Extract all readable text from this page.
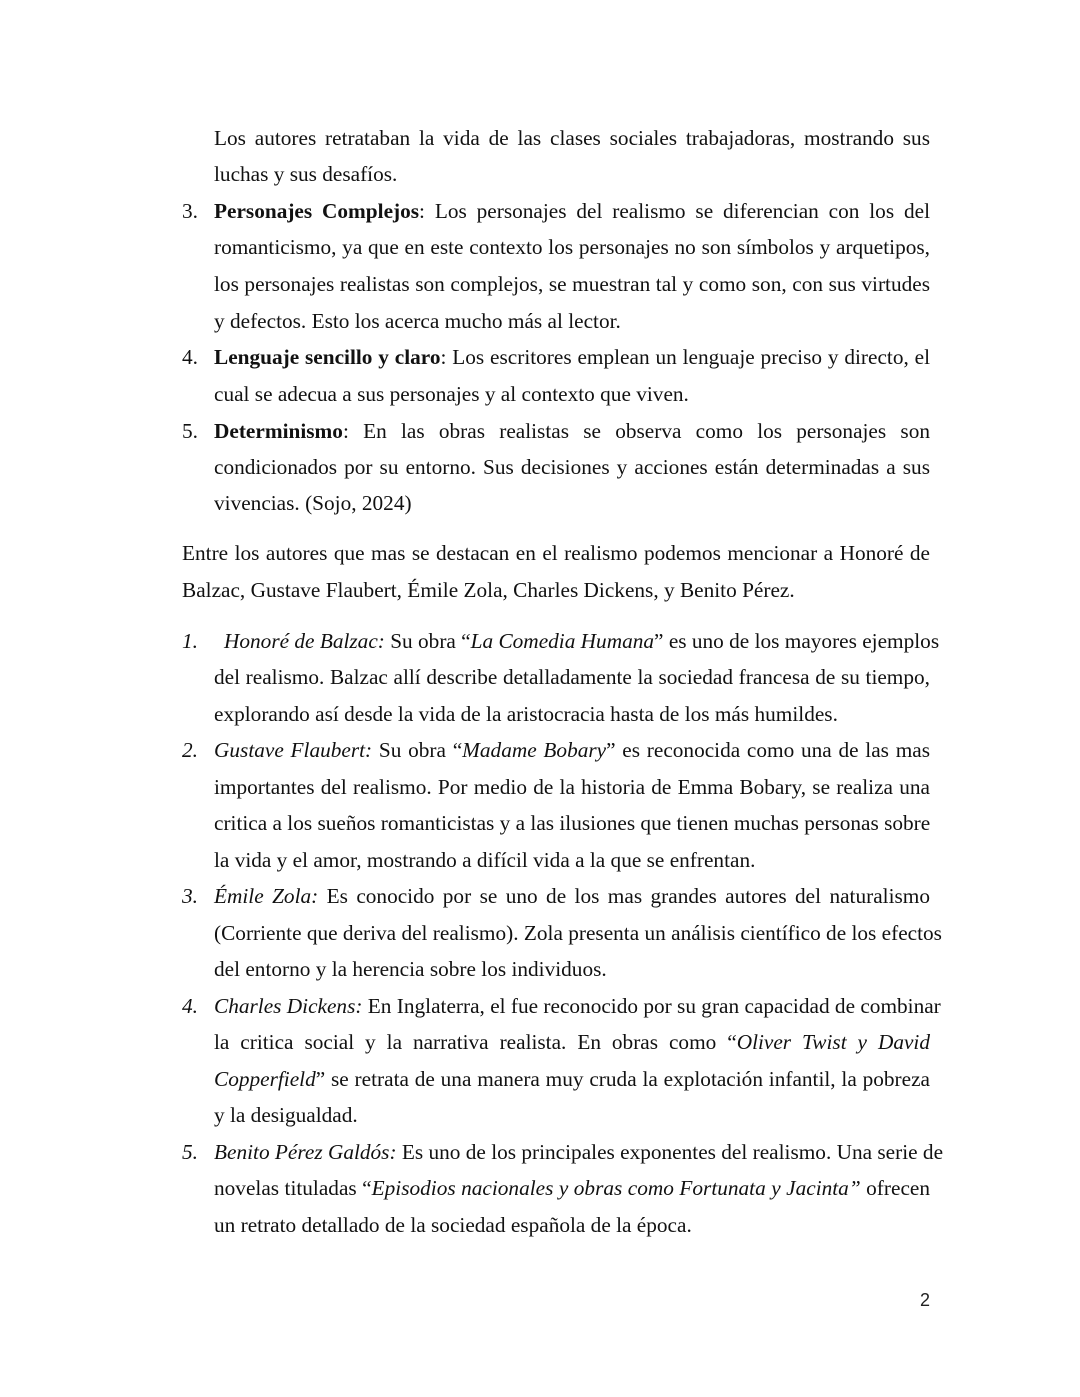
Los autores retrataban la vida de las clases sociales trabajadoras, mostrando sus
luchas y sus desafíos.
3. Personajes Complejos: Los personajes del realismo se diferencian con los del
romanticismo, ya que en este contexto los personajes no son símbolos y arquetipos,
los personajes realistas son complejos, se muestran tal y como son, con sus virtudes
y defectos. Esto los acerca mucho más al lector.
4. Lenguaje sencillo y claro: Los escritores emplean un lenguaje preciso y directo, el
cual se adecua a sus personajes y al contexto que viven.
5. Determinismo: En las obras realistas se observa como los personajes son
condicionados por su entorno. Sus decisiones y acciones están determinadas a sus
vivencias. (Sojo, 2024)
Entre los autores que mas se destacan en el realismo podemos mencionar a Honoré de
Balzac, Gustave Flaubert, Émile Zola, Charles Dickens, y Benito Pérez.
1.	Honoré de Balzac: Su obra “La Comedia Humana” es uno de los mayores ejemplos
del realismo. Balzac allí describe detalladamente la sociedad francesa de su tiempo,
explorando así desde la vida de la aristocracia hasta de los más humildes.
2. Gustave Flaubert: Su obra “Madame Bobary” es reconocida como una de las mas
importantes del realismo. Por medio de la historia de Emma Bobary, se realiza una
critica a los sueños romanticistas y a las ilusiones que tienen muchas personas sobre
la vida y el amor, mostrando a difícil vida a la que se enfrentan.
3. Émile Zola: Es conocido por se uno de los mas grandes autores del naturalismo
(Corriente que deriva del realismo). Zola presenta un análisis científico de los efectos
del entorno y la herencia sobre los individuos.
4. Charles Dickens: En Inglaterra, el fue reconocido por su gran capacidad de combinar
la critica social y la narrativa realista. En obras como “Oliver Twist y David
Copperfield” se retrata de una manera muy cruda la explotación infantil, la pobreza
y la desigualdad.
5. Benito Pérez Galdós: Es uno de los principales exponentes del realismo. Una serie de
novelas tituladas “Episodios nacionales y obras como Fortunata y Jacinta” ofrecen
un retrato detallado de la sociedad española de la época.
2
